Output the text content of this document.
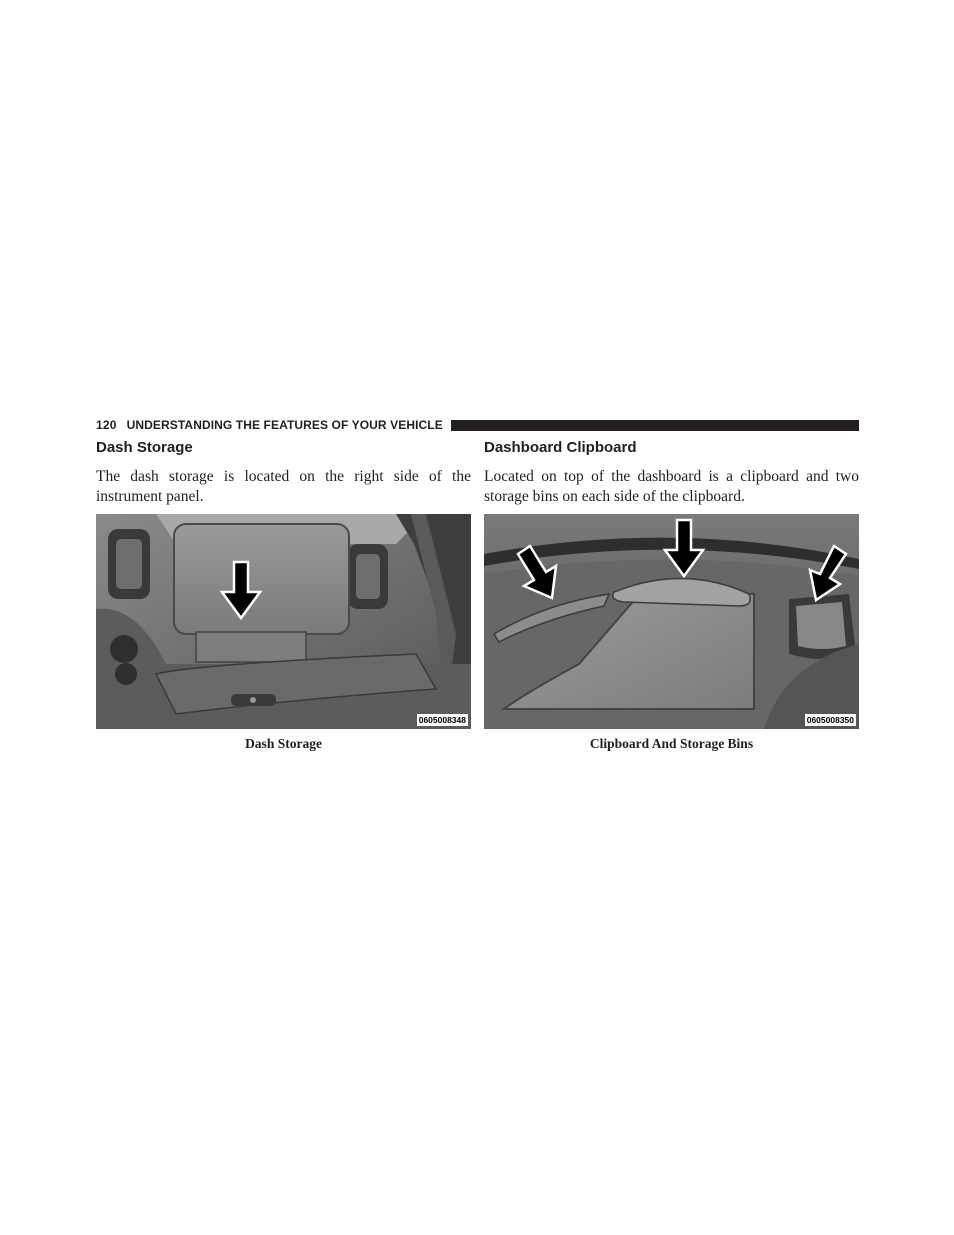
120 UNDERSTANDING THE FEATURES OF YOUR VEHICLE
Dash Storage

The dash storage is located on the right side of the instrument panel.

0605008348
Dash Storage
Dashboard Clipboard

Located on top of the dashboard is a clipboard and two storage bins on each side of the clipboard.

0605008350
Clipboard And Storage Bins
